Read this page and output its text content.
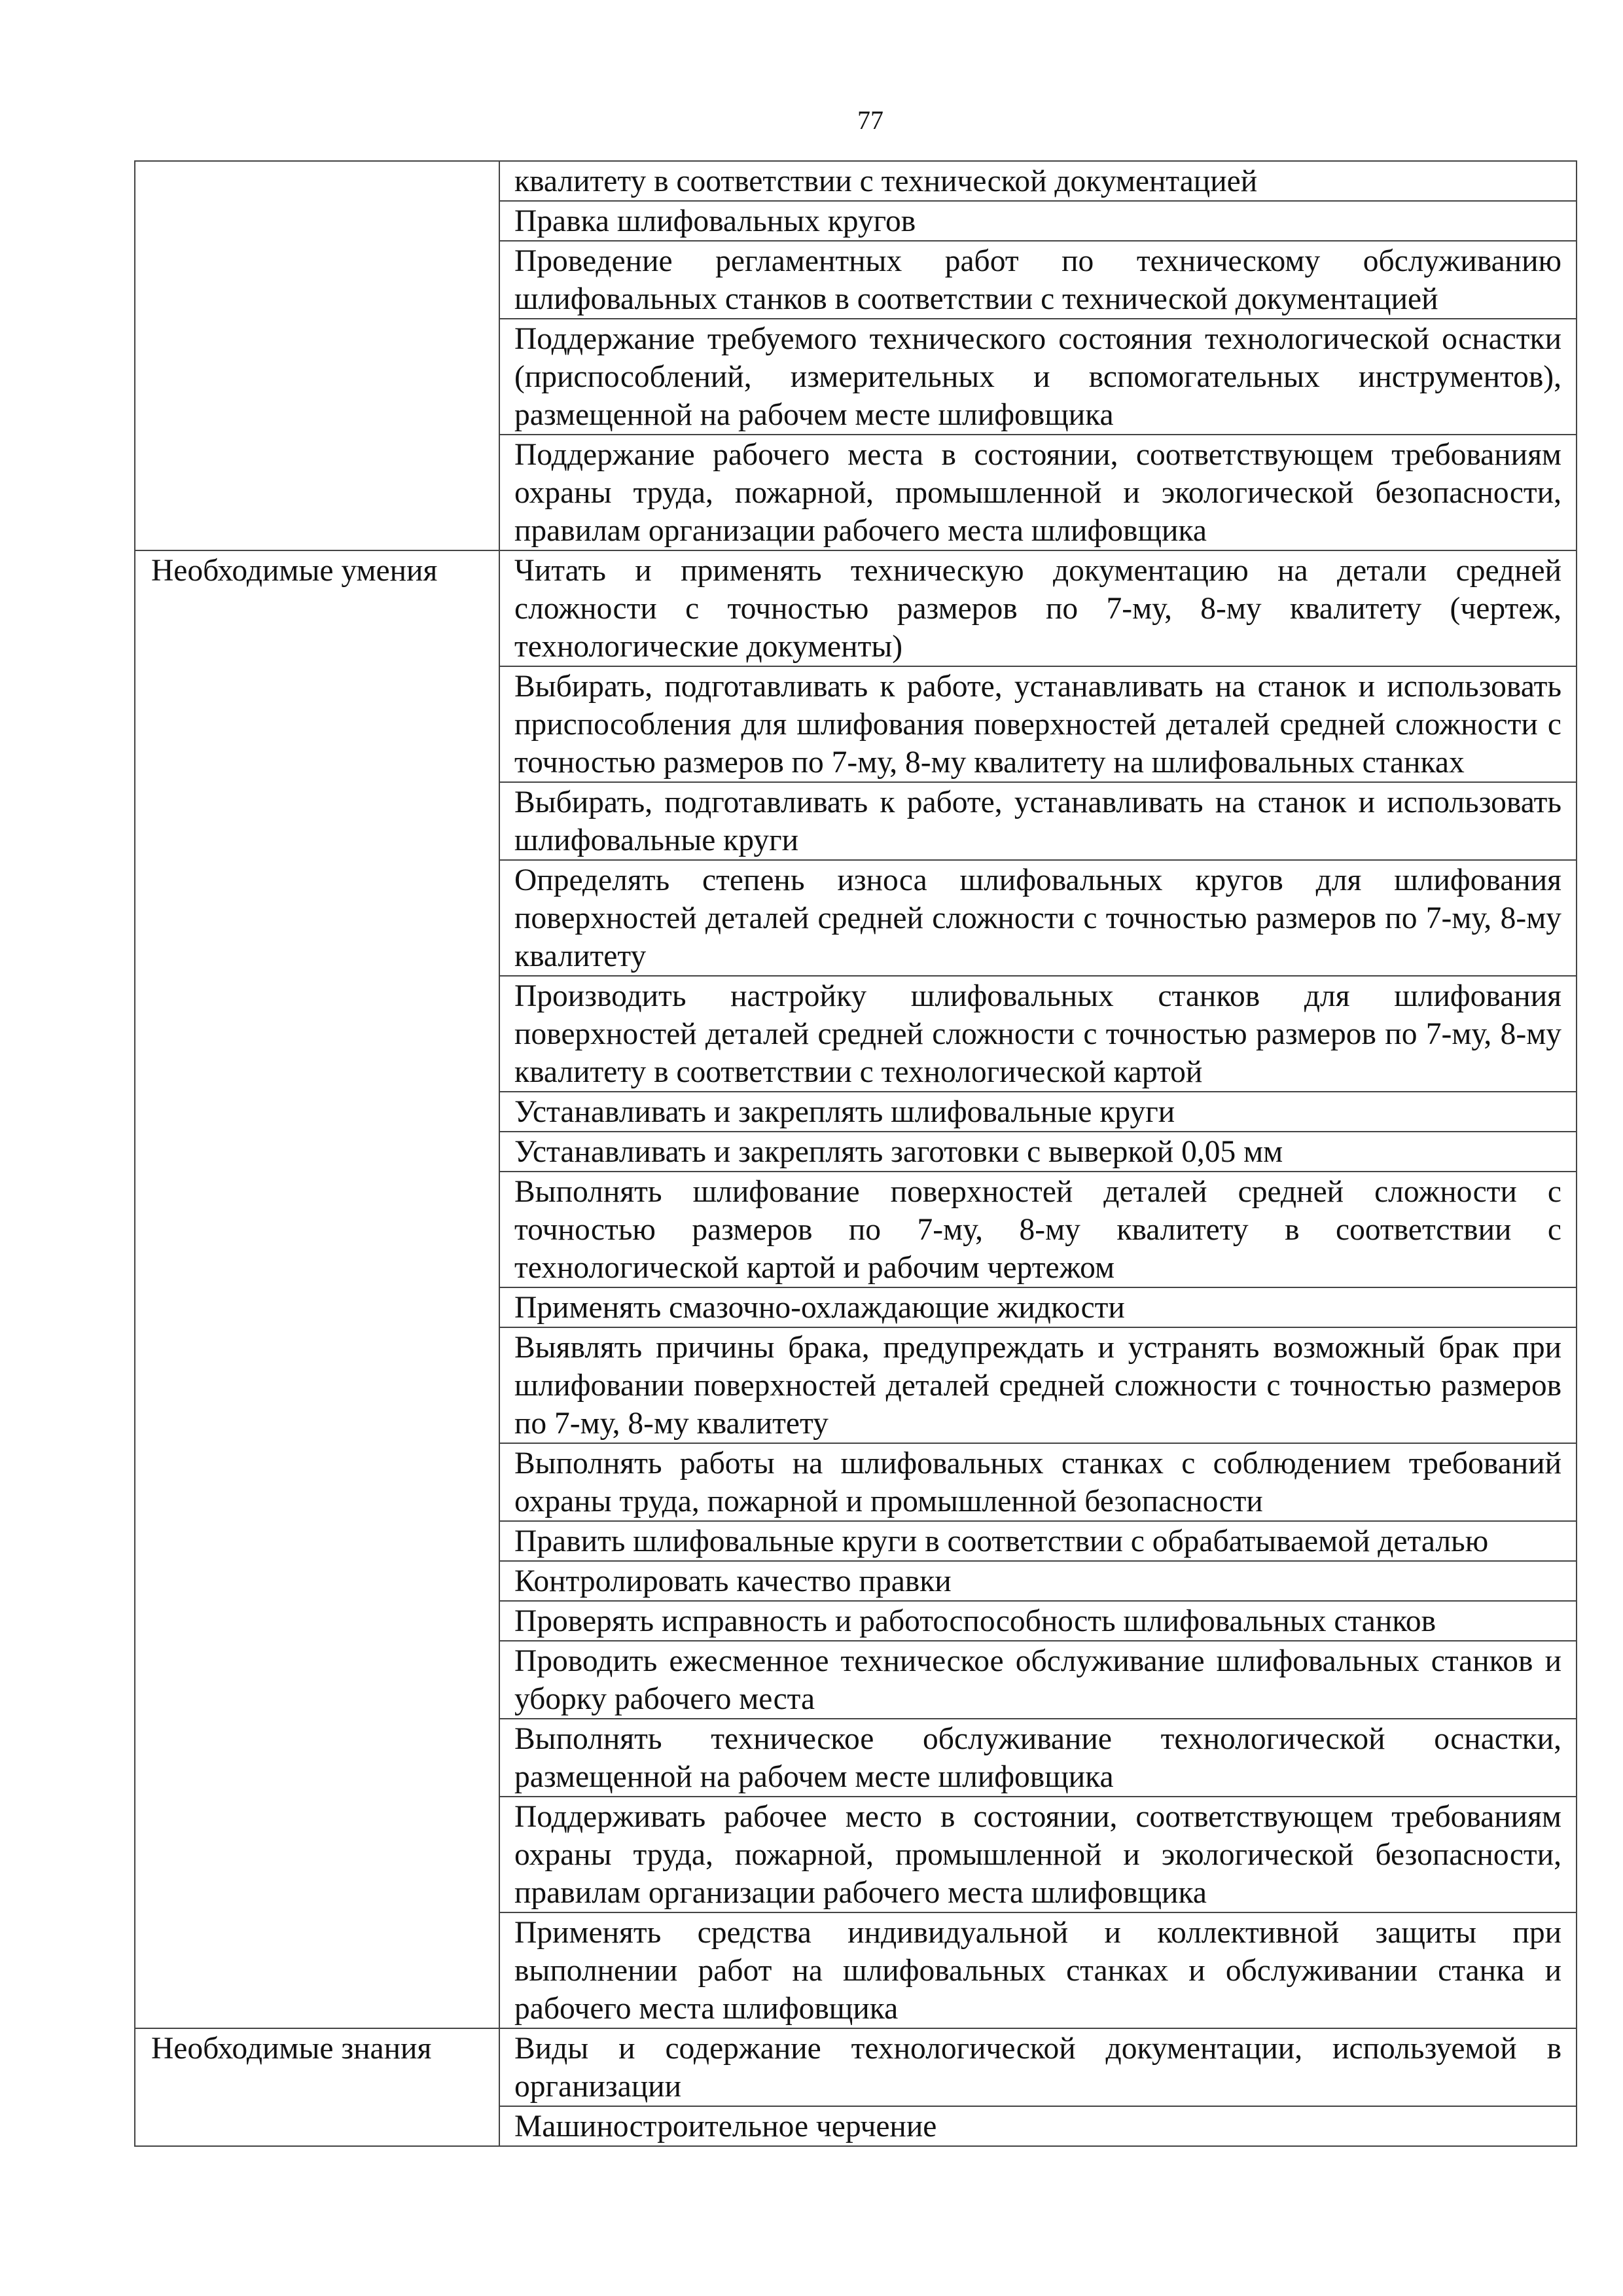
77
	квалитету в соответствии с технической документацией
	Правка шлифовальных кругов
	Проведение регламентных работ по техническому обслуживанию шлифовальных станков в соответствии с технической документацией
	Поддержание требуемого технического состояния технологической оснастки (приспособлений, измерительных и вспомогательных инструментов), размещенной на рабочем месте шлифовщика
	Поддержание рабочего места в состоянии, соответствующем требованиям охраны труда, пожарной, промышленной и экологической безопасности, правилам организации рабочего места шлифовщика
Необходимые умения	Читать и применять техническую документацию на детали средней сложности с точностью размеров по 7-му, 8-му квалитету (чертеж, технологические документы)
	Выбирать, подготавливать к работе, устанавливать на станок и использовать приспособления для шлифования поверхностей деталей средней сложности с точностью размеров по 7-му, 8-му квалитету на шлифовальных станках
	Выбирать, подготавливать к работе, устанавливать на станок и использовать шлифовальные круги
	Определять степень износа шлифовальных кругов для шлифования поверхностей деталей средней сложности с точностью размеров по 7-му, 8-му квалитету
	Производить настройку шлифовальных станков для шлифования поверхностей деталей средней сложности с точностью размеров по 7-му, 8-му квалитету в соответствии с технологической картой
	Устанавливать и закреплять шлифовальные круги
	Устанавливать и закреплять заготовки с выверкой 0,05 мм
	Выполнять шлифование поверхностей деталей средней сложности с точностью размеров по 7-му, 8-му квалитету в соответствии с технологической картой и рабочим чертежом
	Применять смазочно-охлаждающие жидкости
	Выявлять причины брака, предупреждать и устранять возможный брак при шлифовании поверхностей деталей средней сложности с точностью размеров по 7-му, 8-му квалитету
	Выполнять работы на шлифовальных станках с соблюдением требований охраны труда, пожарной и промышленной безопасности
	Править шлифовальные круги в соответствии с обрабатываемой деталью
	Контролировать качество правки
	Проверять исправность и работоспособность шлифовальных станков
	Проводить ежесменное техническое обслуживание шлифовальных станков и уборку рабочего места
	Выполнять техническое обслуживание технологической оснастки, размещенной на рабочем месте шлифовщика
	Поддерживать рабочее место в состоянии, соответствующем требованиям охраны труда, пожарной, промышленной и экологической безопасности, правилам организации рабочего места шлифовщика
	Применять средства индивидуальной и коллективной защиты при выполнении работ на шлифовальных станках и обслуживании станка и рабочего места шлифовщика
Необходимые знания	Виды и содержание технологической документации, используемой в организации
	Машиностроительное черчение
